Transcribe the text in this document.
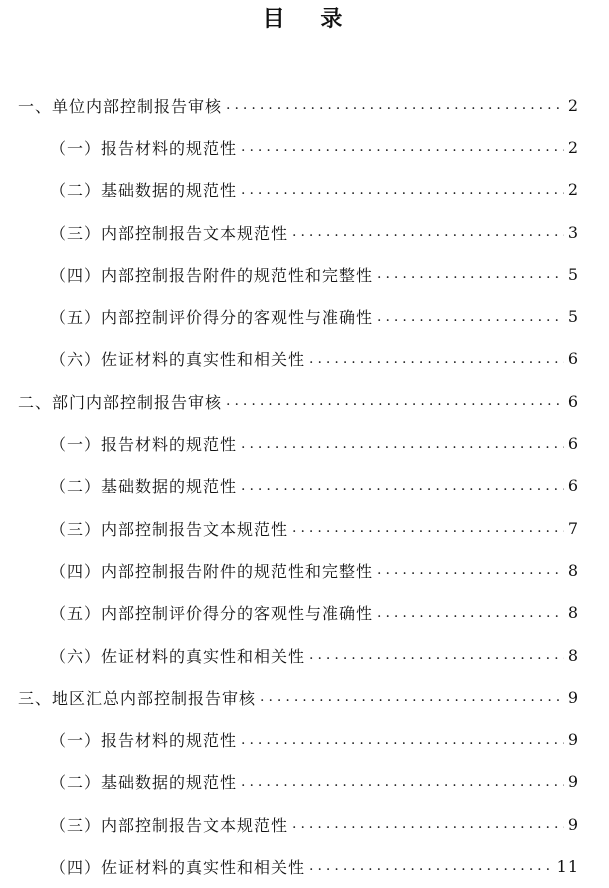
目 录
一、单位内部控制报告审核 .....	2
（一）报告材料的规范性 .....	2
（二）基础数据的规范性 .....	2
（三）内部控制报告文本规范性 .....	3
（四）内部控制报告附件的规范性和完整性 .....	5
（五）内部控制评价得分的客观性与准确性 .....	5
（六）佐证材料的真实性和相关性 .....	6
二、部门内部控制报告审核 .....	6
（一）报告材料的规范性 .....	6
（二）基础数据的规范性 .....	6
（三）内部控制报告文本规范性 .....	7
（四）内部控制报告附件的规范性和完整性 .....	8
（五）内部控制评价得分的客观性与准确性 .....	8
（六）佐证材料的真实性和相关性 .....	8
三、地区汇总内部控制报告审核 .....	9
（一）报告材料的规范性 .....	9
（二）基础数据的规范性 .....	9
（三）内部控制报告文本规范性 .....	9
（四）佐证材料的真实性和相关性 .....	11
